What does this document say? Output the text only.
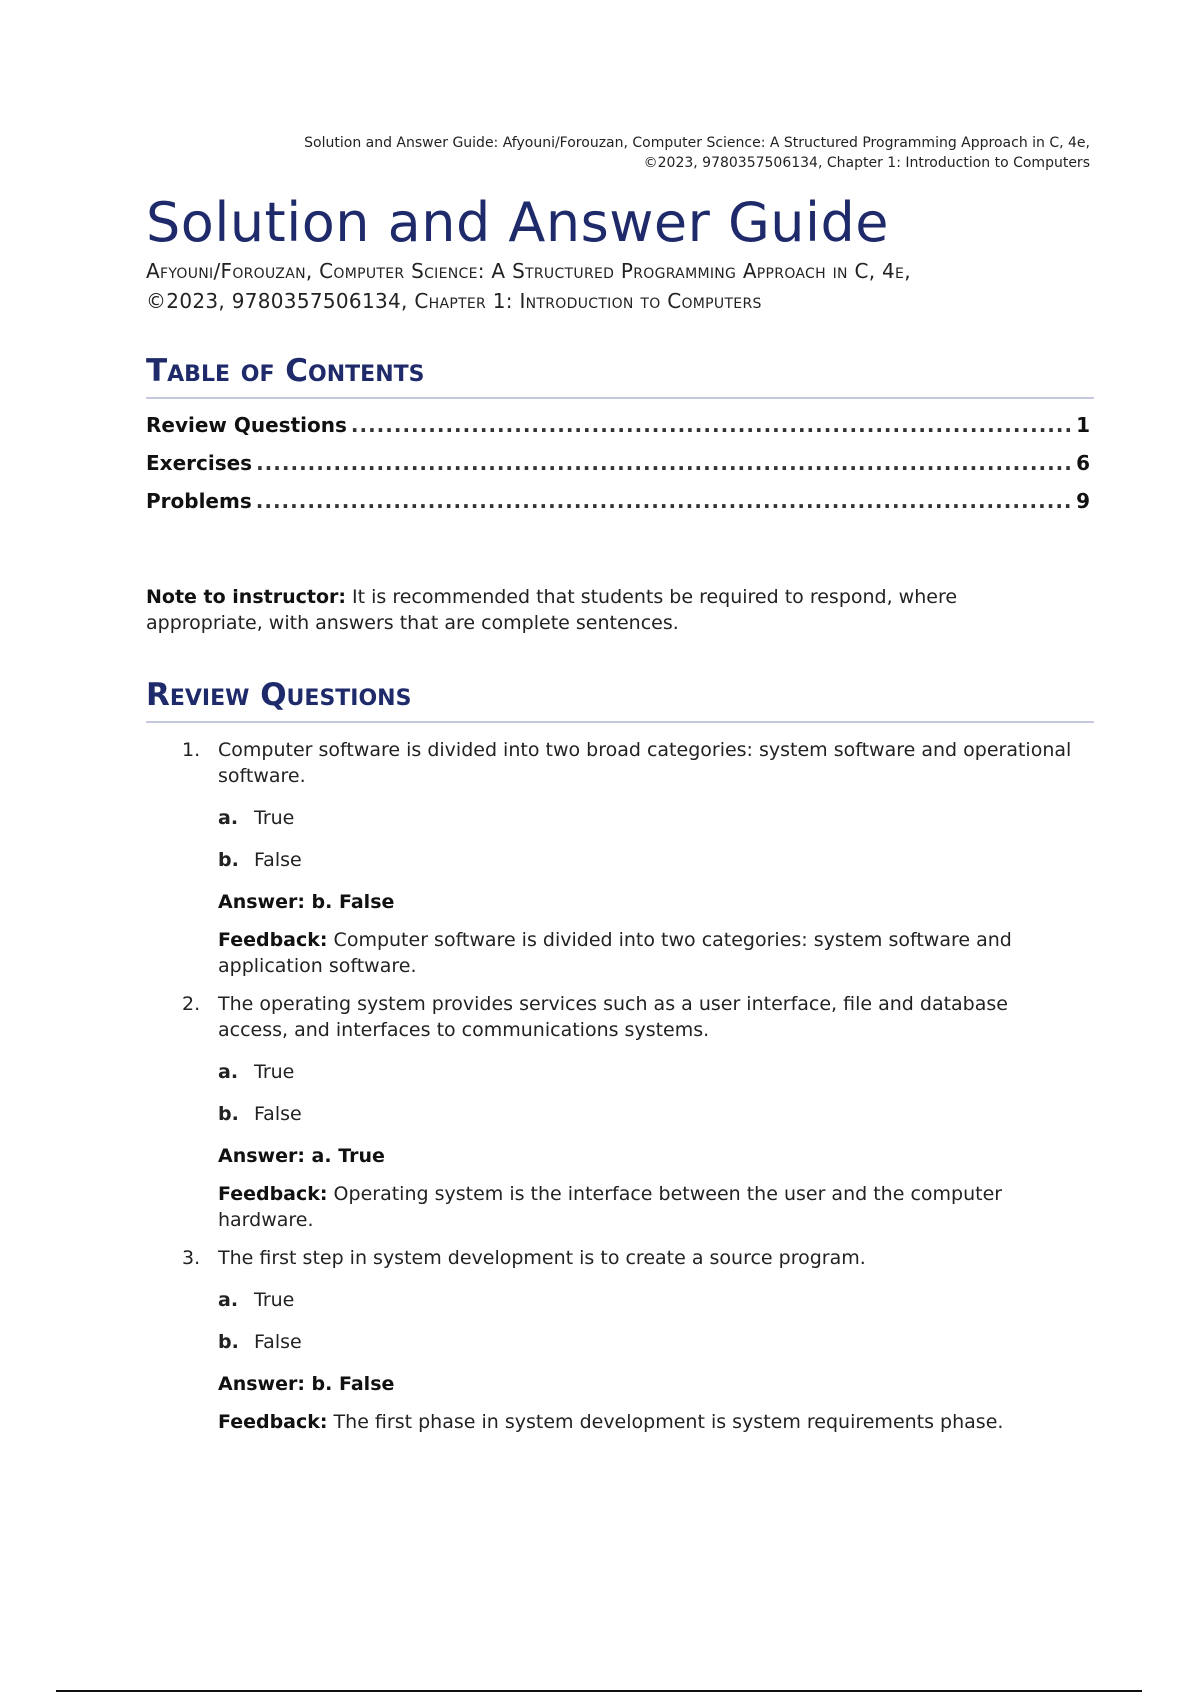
Solution and Answer Guide: Afyouni/Forouzan, Computer Science: A Structured Programming Approach in C, 4e,
©2023, 9780357506134, Chapter 1: Introduction to Computers
Solution and Answer Guide
Afyouni/Forouzan, Computer Science: A Structured Programming Approach in C, 4e,
©2023, 9780357506134, Chapter 1: Introduction to Computers
Table of Contents
Review Questions .....	1
Exercises .....	6
Problems .....	9
Note to instructor: It is recommended that students be required to respond, where appropriate, with answers that are complete sentences.
Review Questions
1. Computer software is divided into two broad categories: system software and operational software.

a. True
b. False
Answer: b. False
Feedback: Computer software is divided into two categories: system software and application software.
2. The operating system provides services such as a user interface, file and database access, and interfaces to communications systems.

a. True
b. False
Answer: a. True
Feedback: Operating system is the interface between the user and the computer hardware.
3. The first step in system development is to create a source program.

a. True
b. False
Answer: b. False
Feedback: The first phase in system development is system requirements phase.
